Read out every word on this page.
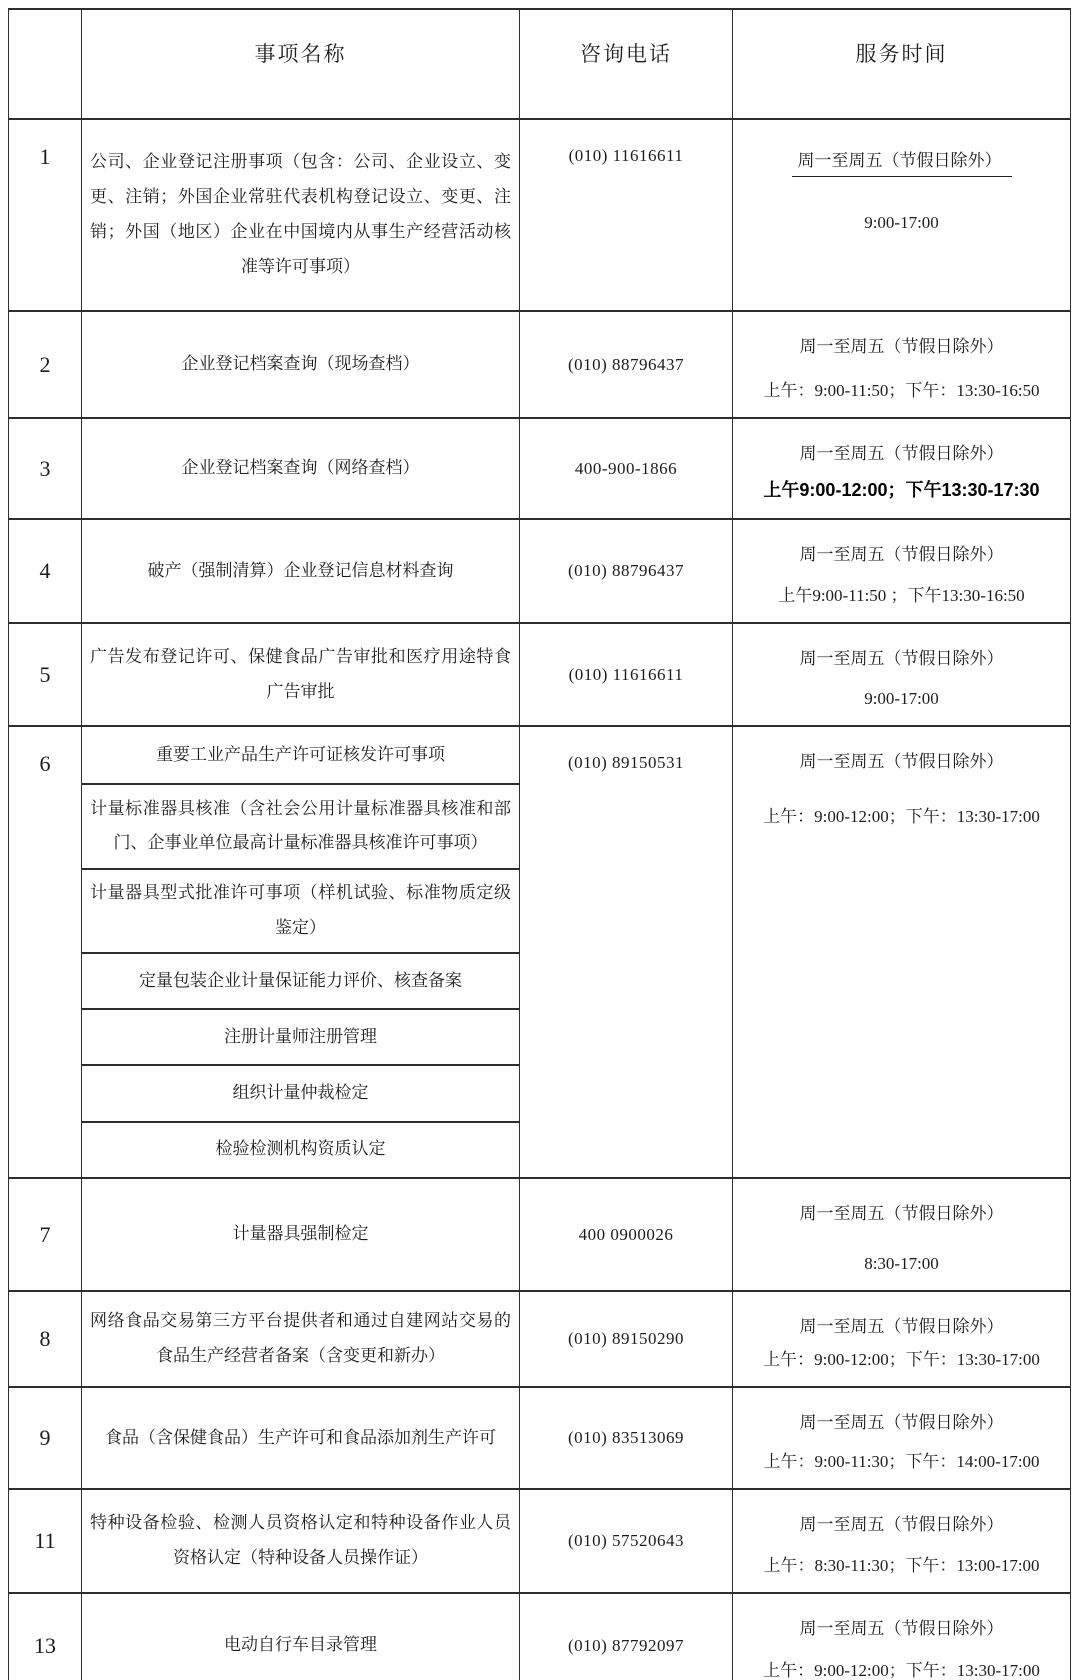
	事项名称	咨询电话	服务时间
1	公司、企业登记注册事项（包含：公司、企业设立、变更、注销；外国企业常驻代表机构登记设立、变更、注销；外国（地区）企业在中国境内从事生产经营活动核准等许可事项）	(010) 11616611	周一至周五（节假日除外）
9:00-17:00

2	企业登记档案查询（现场查档）	(010) 88796437	周一至周五（节假日除外）
上午：9:00-11:50；下午：13:30-16:50

3	企业登记档案查询（网络查档）	400-900-1866	周一至周五（节假日除外）
上午9:00-12:00；下午13:30-17:30

4	破产（强制清算）企业登记信息材料查询	(010) 88796437	周一至周五（节假日除外）
上午9:00-11:50 ；下午13:30-16:50

5	广告发布登记许可、保健食品广告审批和医疗用途特食广告审批	(010) 11616611	周一至周五（节假日除外）
9:00-17:00

6	重要工业产品生产许可证核发许可事项	(010) 89150531	周一至周五（节假日除外）
上午：9:00-12:00；下午：13:30-17:00

	计量标准器具核准（含社会公用计量标准器具核准和部门、企事业单位最高计量标准器具核准许可事项）		
	计量器具型式批准许可事项（样机试验、标准物质定级鉴定）		
	定量包装企业计量保证能力评价、核查备案		
	注册计量师注册管理		
	组织计量仲裁检定		
	检验检测机构资质认定		
7	计量器具强制检定	400 0900026	周一至周五（节假日除外）
8:30-17:00

8	网络食品交易第三方平台提供者和通过自建网站交易的食品生产经营者备案（含变更和新办）	(010) 89150290	周一至周五（节假日除外）
上午：9:00-12:00；下午：13:30-17:00

9	食品（含保健食品）生产许可和食品添加剂生产许可	(010) 83513069	周一至周五（节假日除外）
上午：9:00-11:30；下午：14:00-17:00

11	特种设备检验、检测人员资格认定和特种设备作业人员资格认定（特种设备人员操作证）	(010) 57520643	周一至周五（节假日除外）
上午：8:30-11:30；下午：13:00-17:00

13	电动自行车目录管理	(010) 87792097	周一至周五（节假日除外）
上午：9:00-12:00；下午：13:30-17:00
